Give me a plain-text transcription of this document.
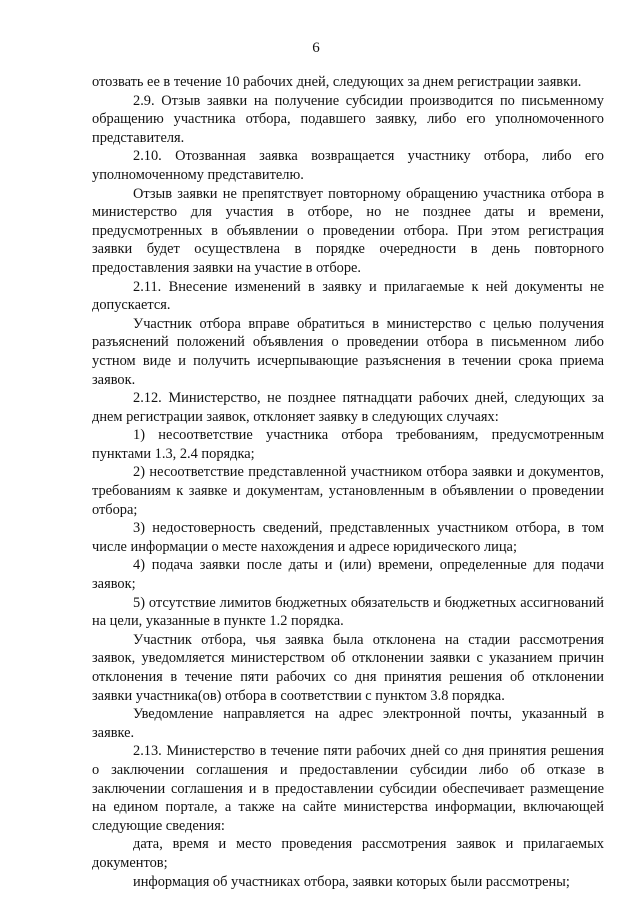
6

отозвать ее в течение 10 рабочих дней, следующих за днем регистрации заявки.

2.9. Отзыв заявки на получение субсидии производится по письменному обращению участника отбора, подавшего заявку, либо его уполномоченного представителя.

2.10. Отозванная заявка возвращается участнику отбора, либо его уполномоченному представителю.

Отзыв заявки не препятствует повторному обращению участника отбора в министерство для участия в отборе, но не позднее даты и времени, предусмотренных в объявлении о проведении отбора. При этом регистрация заявки будет осуществлена в порядке очередности в день повторного предоставления заявки на участие в отборе.

2.11. Внесение изменений в заявку и прилагаемые к ней документы не допускается.

Участник отбора вправе обратиться в министерство с целью получения разъяснений положений объявления о проведении отбора в письменном либо устном виде и получить исчерпывающие разъяснения в течении срока приема заявок.

2.12. Министерство, не позднее пятнадцати рабочих дней, следующих за днем регистрации заявок, отклоняет заявку в следующих случаях:

1) несоответствие участника отбора требованиям, предусмотренным пунктами 1.3, 2.4 порядка;

2) несоответствие представленной участником отбора заявки и документов, требованиям к заявке и документам, установленным в объявлении о проведении отбора;

3) недостоверность сведений, представленных участником отбора, в том числе информации о месте нахождения и адресе юридического лица;

4) подача заявки после даты и (или) времени, определенные для подачи заявок;

5) отсутствие лимитов бюджетных обязательств и бюджетных ассигнований на цели, указанные в пункте 1.2 порядка.

Участник отбора, чья заявка была отклонена на стадии рассмотрения заявок, уведомляется министерством об отклонении заявки с указанием причин отклонения в течение пяти рабочих со дня принятия решения об отклонении заявки участника(ов) отбора в соответствии с пунктом 3.8 порядка.

Уведомление направляется на адрес электронной почты, указанный в заявке.

2.13. Министерство в течение пяти рабочих дней со дня принятия решения о заключении соглашения и предоставлении субсидии либо об отказе в заключении соглашения и в предоставлении субсидии обеспечивает размещение на едином портале, а также на сайте министерства информации, включающей следующие сведения:

дата, время и место проведения рассмотрения заявок и прилагаемых документов;

информация об участниках отбора, заявки которых были рассмотрены;
